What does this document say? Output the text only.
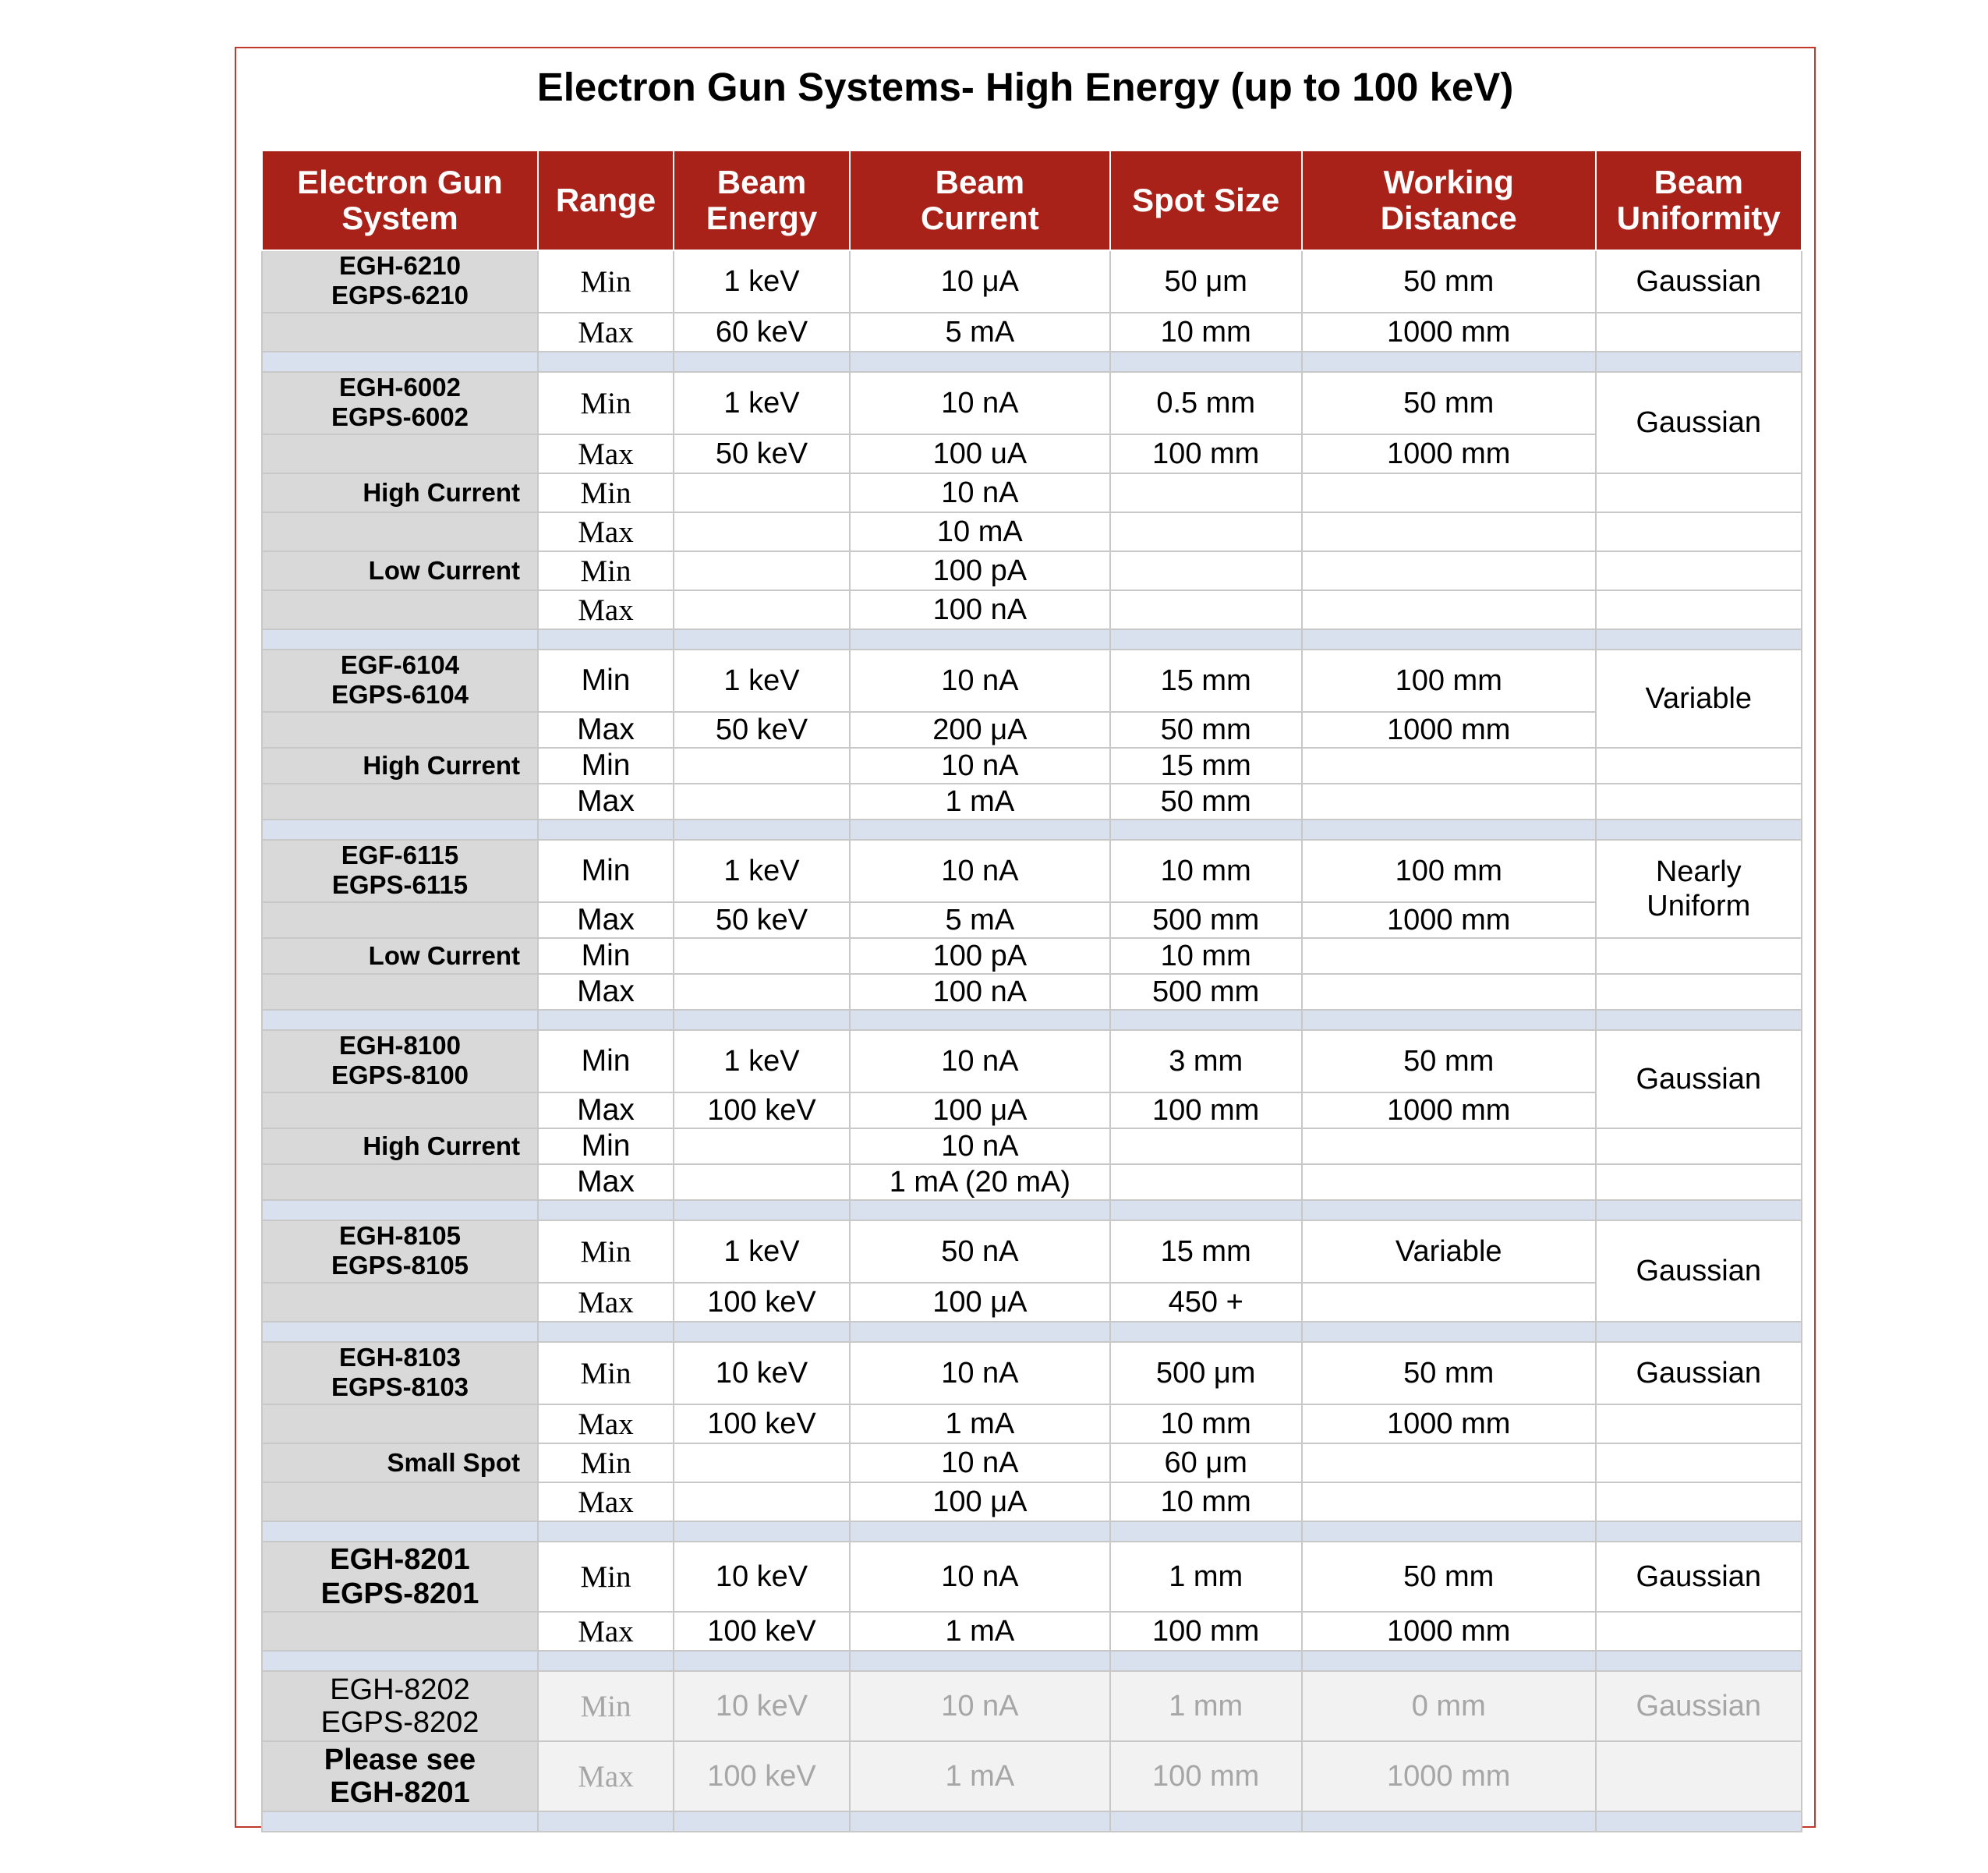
Electron Gun Systems- High Energy (up to 100 keV)
Electron Gun System	Range	Beam Energy	Beam Current	Spot Size	Working Distance	Beam Uniformity
EGH-6210
EGPS-6210	Min	1 keV	10 μA	50 μm	50 mm	Gaussian
	Max	60 keV	5 mA	10 mm	1000 mm	

EGH-6002
EGPS-6002	Min	1 keV	10 nA	0.5 mm	50 mm	Gaussian
	Max	50 keV	100 uA	100 mm	1000 mm	
High Current	Min		10 nA			
	Max		10 mA			
Low Current	Min		100 pA			
	Max		100 nA			

EGF-6104
EGPS-6104	Min	1 keV	10 nA	15 mm	100 mm	Variable
	Max	50 keV	200 μA	50 mm	1000 mm	
High Current	Min		10 nA	15 mm		
	Max		1 mA	50 mm		

EGF-6115
EGPS-6115	Min	1 keV	10 nA	10 mm	100 mm	Nearly
Uniform
	Max	50 keV	5 mA	500 mm	1000 mm	
Low Current	Min		100 pA	10 mm		
	Max		100 nA	500 mm		

EGH-8100
EGPS-8100	Min	1 keV	10 nA	3 mm	50 mm	Gaussian
	Max	100 keV	100 μA	100 mm	1000 mm	
High Current	Min		10 nA			
	Max		1 mA (20 mA)			

EGH-8105
EGPS-8105	Min	1 keV	50 nA	15 mm	Variable	Gaussian
	Max	100 keV	100 μA	450 +		

EGH-8103
EGPS-8103	Min	10 keV	10 nA	500 μm	50 mm	Gaussian
	Max	100 keV	1 mA	10 mm	1000 mm	
Small Spot	Min		10 nA	60 μm		
	Max		100 μA	10 mm		

EGH-8201
EGPS-8201	Min	10 keV	10 nA	1 mm	50 mm	Gaussian
	Max	100 keV	1 mA	100 mm	1000 mm	

EGH-8202
EGPS-8202	Min	10 keV	10 nA	1 mm	0 mm	Gaussian
Please see
EGH-8201	Max	100 keV	1 mA	100 mm	1000 mm	
